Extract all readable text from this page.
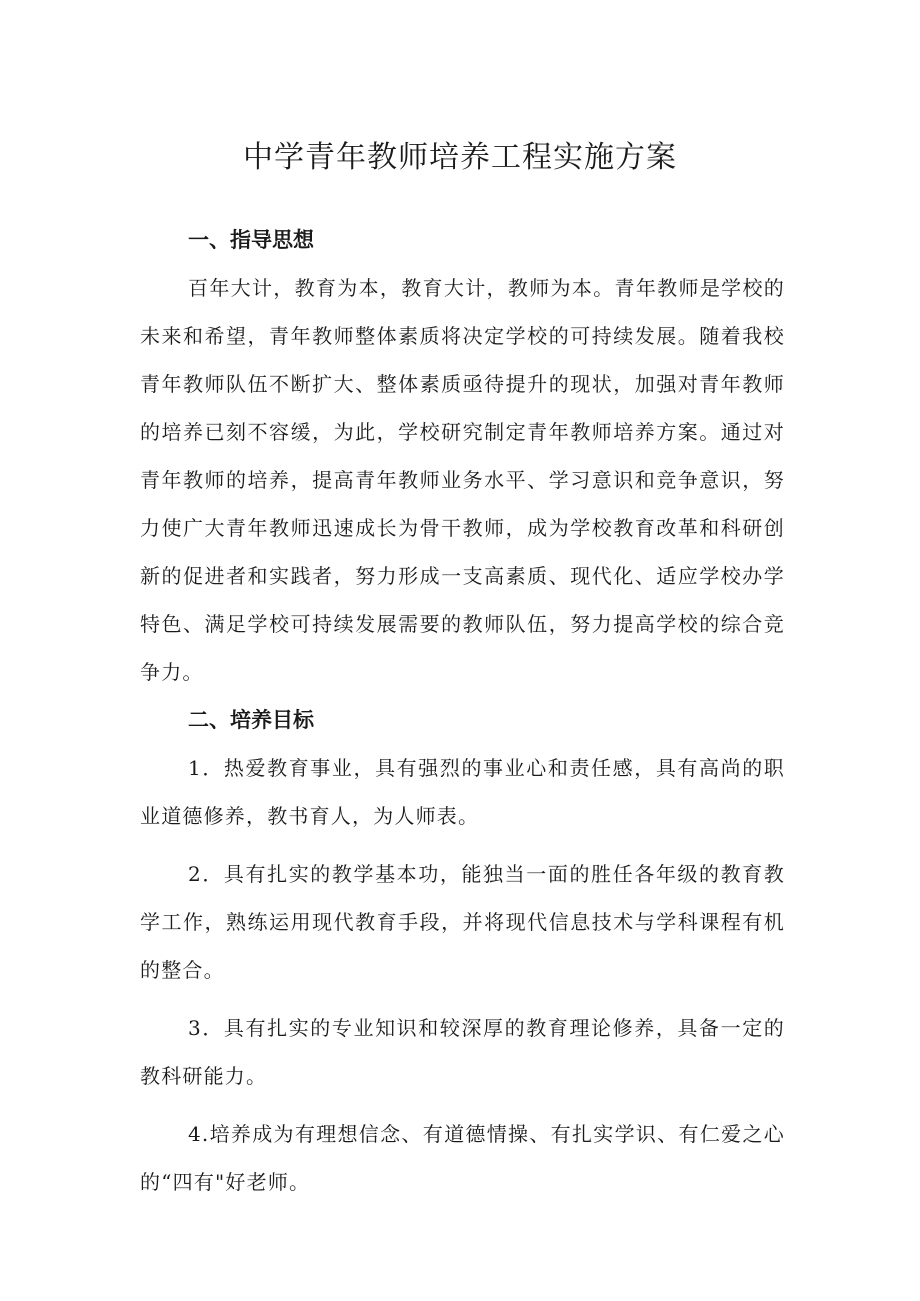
中学青年教师培养工程实施方案
一、指导思想

百年大计，教育为本，教育大计，教师为本。青年教师是学校的未来和希望，青年教师整体素质将决定学校的可持续发展。随着我校青年教师队伍不断扩大、整体素质亟待提升的现状，加强对青年教师的培养已刻不容缓，为此，学校研究制定青年教师培养方案。通过对青年教师的培养，提高青年教师业务水平、学习意识和竞争意识，努力使广大青年教师迅速成长为骨干教师，成为学校教育改革和科研创新的促进者和实践者，努力形成一支高素质、现代化、适应学校办学特色、满足学校可持续发展需要的教师队伍，努力提高学校的综合竞争力。

二、培养目标

1．热爱教育事业，具有强烈的事业心和责任感，具有高尚的职业道德修养，教书育人，为人师表。

2．具有扎实的教学基本功，能独当一面的胜任各年级的教育教学工作，熟练运用现代教育手段，并将现代信息技术与学科课程有机的整合。

3．具有扎实的专业知识和较深厚的教育理论修养，具备一定的教科研能力。

4.培养成为有理想信念、有道德情操、有扎实学识、有仁爱之心的“四有"好老师。
